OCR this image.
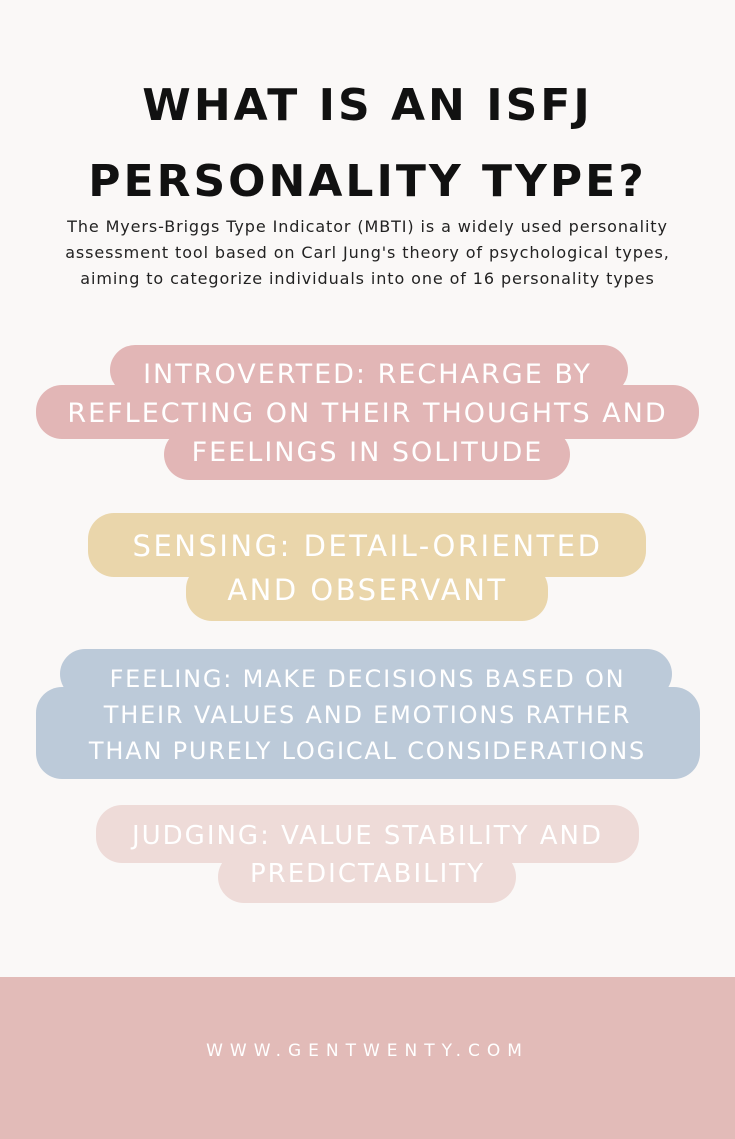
WHAT IS AN ISFJ
PERSONALITY TYPE?

The Myers-Briggs Type Indicator (MBTI) is a widely used personality assessment tool based on Carl Jung's theory of psychological types, aiming to categorize individuals into one of 16 personality types

INTROVERTED: RECHARGE BY
REFLECTING ON THEIR THOUGHTS AND
FEELINGS IN SOLITUDE

SENSING: DETAIL-ORIENTED
AND OBSERVANT

FEELING: MAKE DECISIONS BASED ON
THEIR VALUES AND EMOTIONS RATHER
THAN PURELY LOGICAL CONSIDERATIONS

JUDGING: VALUE STABILITY AND
PREDICTABILITY

WWW.GENTWENTY.COM
